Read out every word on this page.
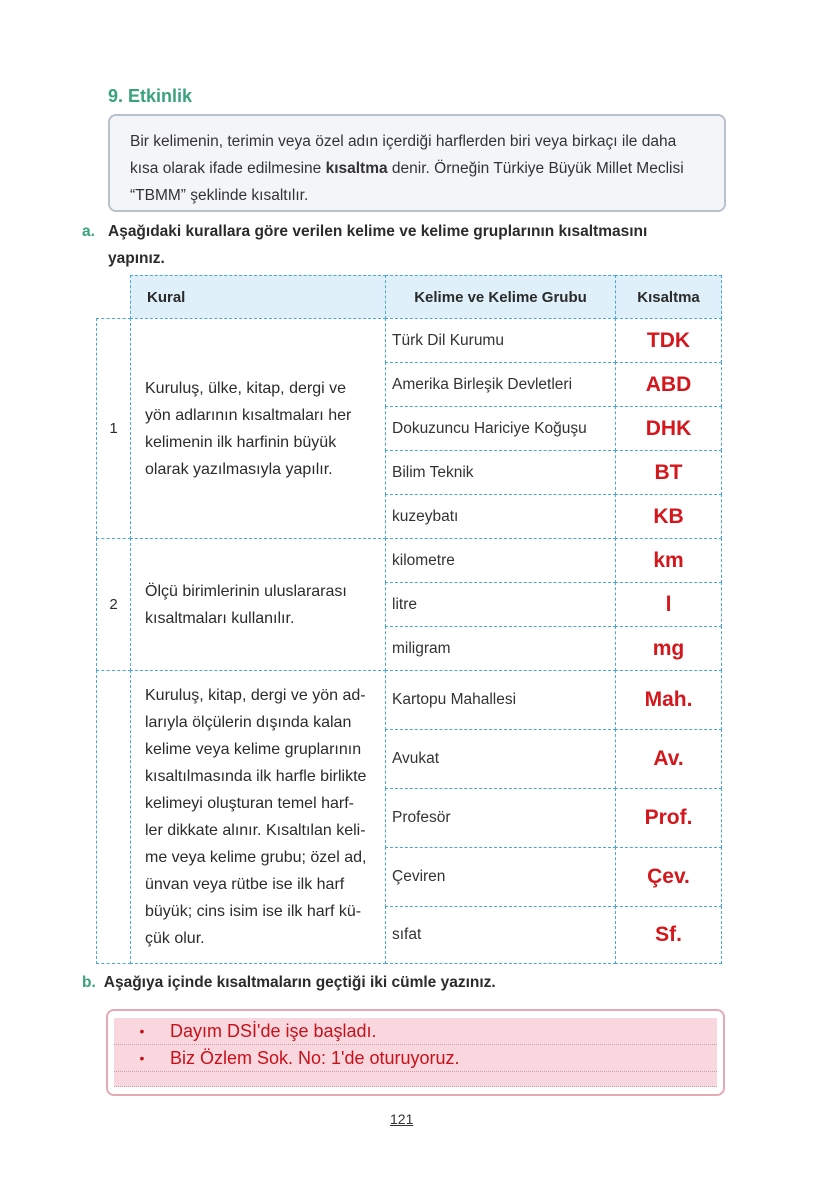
9. Etkinlik

Bir kelimenin, terimin veya özel adın içerdiği harflerden biri veya birkaçı ile daha

kısa olarak ifade edilmesine kısaltma denir. Örneğin Türkiye Büyük Millet Meclisi

“TBMM” şeklinde kısaltılır.

a. Aşağıdaki kurallara göre verilen kelime ve kelime gruplarının kısaltmasını
yapınız.
Kural	Kelime ve Kelime Grubu	Kısaltma
1
Kuruluş, ülke, kitap, dergi ve
yön adlarının kısaltmaları her
kelimenin ilk harfinin büyük
olarak yazılmasıyla yapılır.
Türk Dil Kurumu	TDK
Amerika Birleşik Devletleri	ABD
Dokuzuncu Hariciye Koğuşu	DHK
Bilim Teknik	BT
kuzeybatı	KB
2
Ölçü birimlerinin uluslararası
kısaltmaları kullanılır.
kilometre	km
litre	l
miligram	mg
Kuruluş, kitap, dergi ve yön ad-
larıyla ölçülerin dışında kalan
kelime veya kelime gruplarının
kısaltılmasında ilk harfle birlikte
kelimeyi oluşturan temel harf-
ler dikkate alınır. Kısaltılan keli-
me veya kelime grubu; özel ad,
ünvan veya rütbe ise ilk harf
büyük; cins isim ise ilk harf kü-
çük olur.
Kartopu Mahallesi	Mah.
Avukat	Av.
Profesör	Prof.
Çeviren	Çev.
sıfat	Sf.
b. Aşağıya içinde kısaltmaların geçtiği iki cümle yazınız.
•	Dayım DSİ'de işe başladı.
•	Biz Özlem Sok. No: 1'de oturuyoruz.
121
